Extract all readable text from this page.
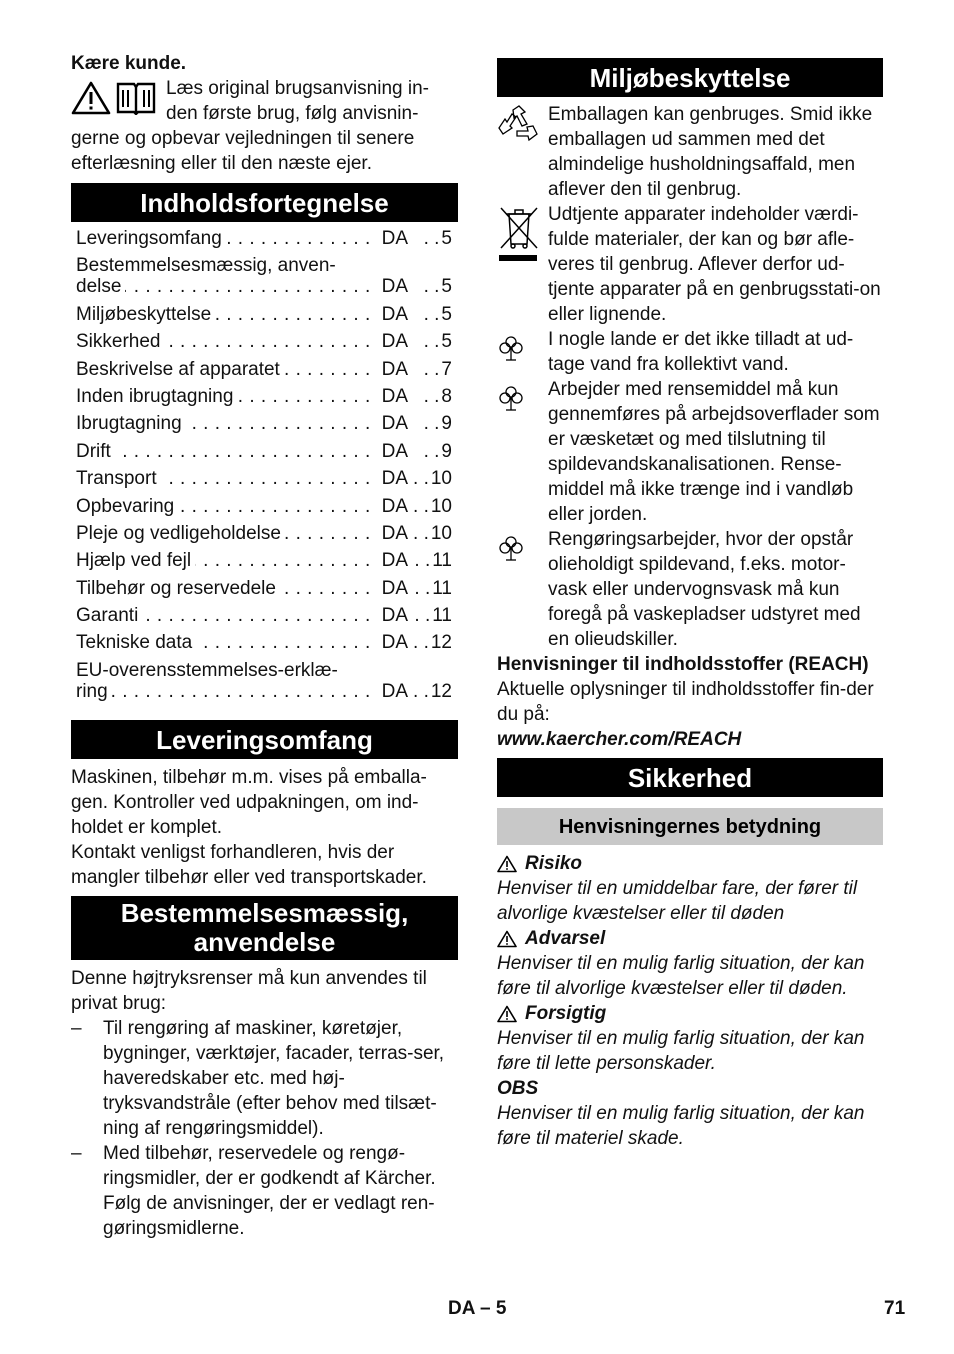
Kære kunde.

Læs original brugsanvisning in-

den første brug, følg anvisnin-

gerne og opbevar vejledningen til senere

efterlæsning eller til den næste ejer.

Indholdsfortegnelse
Leveringsomfang . . .	DA	. . 5
Bestemmelsesmæssig, anven-
delse . . .	DA	. . 5
Miljøbeskyttelse . . .	DA	. . 5
Sikkerhed . . .	DA	. . 5
Beskrivelse af apparatet . . .	DA	. . 7
Inden ibrugtagning . . .	DA	. . 8
Ibrugtagning . . .	DA	. . 9
Drift . . .	DA	. . 9
Transport . . .	DA	. . 10
Opbevaring . . .	DA	. . 10
Pleje og vedligeholdelse . . .	DA	. . 10
Hjælp ved fejl . . .	DA	. . 11
Tilbehør og reservedele . . .	DA	. . 11
Garanti . . .	DA	. . 11
Tekniske data . . .	DA	. . 12
EU-overensstemmelses-erklæ-
ring . . .	DA	. . 12
Leveringsomfang

Maskinen, tilbehør m.m. vises på emballa-gen. Kontroller ved udpakningen, om ind-holdet er komplet.

Kontakt venligst forhandleren, hvis der mangler tilbehør eller ved transportskader.

Bestemmelsesmæssig,
anvendelse

Denne højtryksrenser må kun anvendes til privat brug:

–	Til rengøring af maskiner, køretøjer, bygninger, værktøjer, facader, terras-ser, haveredskaber etc. med høj-tryksvandstråle (efter behov med tilsæt-ning af rengøringsmiddel).
–	Med tilbehør, reservedele og rengø-ringsmidler, der er godkendt af Kärcher. Følg de anvisninger, der er vedlagt ren-gøringsmidlerne.
Miljøbeskyttelse
Emballagen kan genbruges. Smid ikke emballagen ud sammen med det almindelige husholdningsaffald, men aflever den til genbrug.
Udtjente apparater indeholder værdi-fulde materialer, der kan og bør afle-veres til genbrug. Aflever derfor ud-tjente apparater på en genbrugsstati-on eller lignende.
I nogle lande er det ikke tilladt at ud-tage vand fra kollektivt vand.
Arbejder med rensemiddel må kun gennemføres på arbejdsoverflader som er væsketæt og med tilslutning til spildevandskanalisationen. Rense-middel må ikke trænge ind i vandløb eller jorden.
Rengøringsarbejder, hvor der opstår olieholdigt spildevand, f.eks. motor-vask eller undervognsvask må kun foregå på vaskepladser udstyret med en olieudskiller.

Henvisninger til indholdsstoffer (REACH)

Aktuelle oplysninger til indholdsstoffer fin-der du på:

www.kaercher.com/REACH

Sikkerhed
Henvisningernes betydning
Risiko

Henviser til en umiddelbar fare, der fører til alvorlige kvæstelser eller til døden

Advarsel

Henviser til en mulig farlig situation, der kan føre til alvorlige kvæstelser eller til døden.

Forsigtig

Henviser til en mulig farlig situation, der kan føre til lette personskader.

OBS

Henviser til en mulig farlig situation, der kan føre til materiel skade.

DA – 5	71
